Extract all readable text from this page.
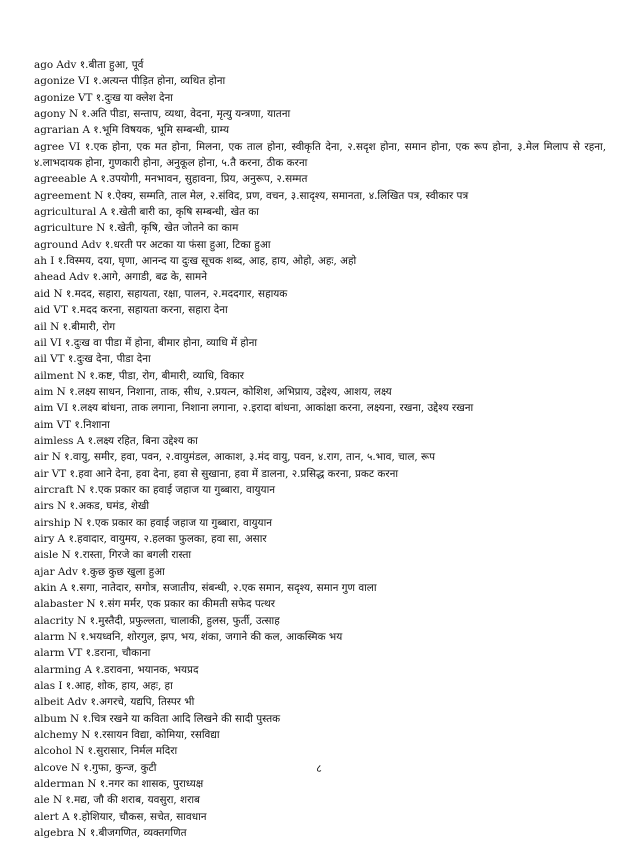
ago Adv १.बीता हुआ, पूर्व
agonize VI १.अत्यन्त पीड़ित होना, व्यथित होना
agonize VT १.दुःख या क्लेश देना
agony N १.अति पीडा, सन्ताप, व्यथा, वेदना, मृत्यु यन्त्रणा, यातना
agrarian A १.भूमि विषयक, भूमि सम्बन्धी, ग्राम्य
agree VI १.एक होना, एक मत होना, मिलना, एक ताल होना, स्वीकृति देना, २.सदृश होना, समान होना, एक रूप होना, ३.मेल मिलाप से रहना, ४.लाभदायक होना, गुणकारी होना, अनुकूल होना, ५.तै करना, ठीक करना
agreeable A १.उपयोगी, मनभावन, सुहावना, प्रिय, अनुरूप, २.सम्मत
agreement N १.ऐक्य, सम्मति, ताल मेल, २.संविद, प्रण, वचन, ३.सादृश्य, समानता, ४.लिखित पत्र, स्वीकार पत्र
agricultural A १.खेती बारी का, कृषि सम्बन्धी, खेत का
agriculture N १.खेती, कृषि, खेत जोतने का काम
aground Adv १.धरती पर अटका या फंसा हुआ, टिका हुआ
ah I १.विस्मय, दया, घृणा, आनन्द या दुःख सूचक शब्द, आह, हाय, ओहो, अहः, अहो
ahead Adv १.आगे, अगाडी, बढ के, सामने
aid N १.मदद, सहारा, सहायता, रक्षा, पालन, २.मददगार, सहायक
aid VT १.मदद करना, सहायता करना, सहारा देना
ail N १.बीमारी, रोग
ail VI १.दुःख वा पीडा में होना, बीमार होना, व्याधि में होना
ail VT १.दुःख देना, पीडा देना
ailment N १.कष्ट, पीडा, रोग, बीमारी, व्याधि, विकार
aim N १.लक्ष्य साधन, निशाना, ताक, सीध, २.प्रयत्न, कोशिश, अभिप्राय, उद्देश्य, आशय, लक्ष्य
aim VI १.लक्ष्य बांधना, ताक लगाना, निशाना लगाना, २.इरादा बांधना, आकांक्षा करना, लक्ष्यना, रखना, उद्देश्य रखना
aim VT १.निशाना
aimless A १.लक्ष्य रहित, बिना उद्देश्य का
air N १.वायु, समीर, हवा, पवन, २.वायुमंडल, आकाश, ३.मंद वायु, पवन, ४.राग, तान, ५.भाव, चाल, रूप
air VT १.हवा आने देना, हवा देना, हवा से सुखाना, हवा में डालना, २.प्रसिद्ध करना, प्रकट करना
aircraft N १.एक प्रकार का हवाई जहाज या गुब्बारा, वायुयान
airs N १.अकड, घमंड, शेखी
airship N १.एक प्रकार का हवाई जहाज या गुब्बारा, वायुयान
airy A १.हवादार, वायुमय, २.हलका फुलका, हवा सा, असार
aisle N १.रास्ता, गिरजे का बगली रास्ता
ajar Adv १.कुछ कुछ खुला हुआ
akin A १.सगा, नातेदार, सगोत्र, सजातीय, संबन्धी, २.एक समान, सदृश्य, समान गुण वाला
alabaster N १.संग मर्मर, एक प्रकार का कीमती सफेद पत्थर
alacrity N १.मुस्तैदी, प्रफुल्लता, चालाकी, हुलस, फुर्ती, उत्साह
alarm N १.भयध्वनि, शोरगुल, झप, भय, शंका, जगाने की कल, आकस्मिक भय
alarm VT १.डराना, चौकाना
alarming A १.डरावना, भयानक, भयप्रद
alas I १.आह, शोक, हाय, अहः, हा
albeit Adv १.अगरचे, यद्यपि, तिस्पर भी
album N १.चित्र रखने या कविता आदि लिखने की सादी पुस्तक
alchemy N १.रसायन विद्या, कोमिया, रसविद्या
alcohol N १.सुरासार, निर्मल मदिरा
alcove N १.गुफा, कुन्ज, कुटी
alderman N १.नगर का शासक, पुराध्यक्ष
ale N १.मद्य, जौ की शराब, यवसुरा, शराब
alert A १.होशियार, चौकस, सचेत, सावधान
algebra N १.बीजगणित, व्यक्तगणित
८
